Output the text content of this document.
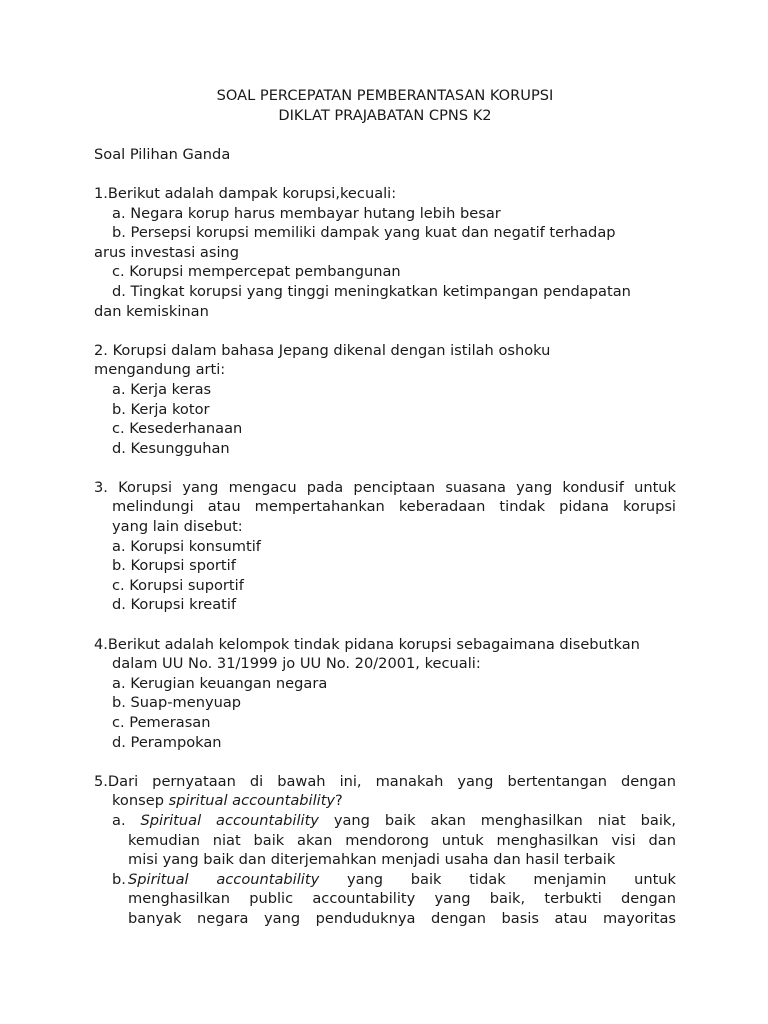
SOAL PERCEPATAN PEMBERANTASAN KORUPSI
DIKLAT PRAJABATAN CPNS K2
Soal Pilihan Ganda
1.Berikut adalah dampak korupsi,kecuali:
a. Negara korup harus membayar hutang lebih besar
b. Persepsi korupsi memiliki dampak yang kuat dan negatif terhadap
arus investasi asing
c. Korupsi mempercepat pembangunan
d. Tingkat korupsi yang tinggi meningkatkan ketimpangan pendapatan
dan kemiskinan
2. Korupsi dalam bahasa Jepang dikenal dengan istilah oshoku
mengandung arti:
a. Kerja keras
b. Kerja kotor
c. Kesederhanaan
d. Kesungguhan
3. Korupsi yang mengacu pada penciptaan suasana yang kondusif untuk
melindungi atau mempertahankan keberadaan tindak pidana korupsi
yang lain disebut:
a. Korupsi konsumtif
b. Korupsi sportif
c. Korupsi suportif
d. Korupsi kreatif
4.Berikut adalah kelompok tindak pidana korupsi sebagaimana disebutkan
dalam UU No. 31/1999 jo UU No. 20/2001, kecuali:
a. Kerugian keuangan negara
b. Suap-menyuap
c. Pemerasan
d. Perampokan
5.Dari pernyataan di bawah ini, manakah yang bertentangan dengan
konsep spiritual accountability?
a. Spiritual accountability yang baik akan menghasilkan niat baik,
kemudian niat baik akan mendorong untuk menghasilkan visi dan
misi yang baik dan diterjemahkan menjadi usaha dan hasil terbaik
b. Spiritual accountability yang baik tidak menjamin untuk
menghasilkan public accountability yang baik, terbukti dengan
banyak negara yang penduduknya dengan basis atau mayoritas
